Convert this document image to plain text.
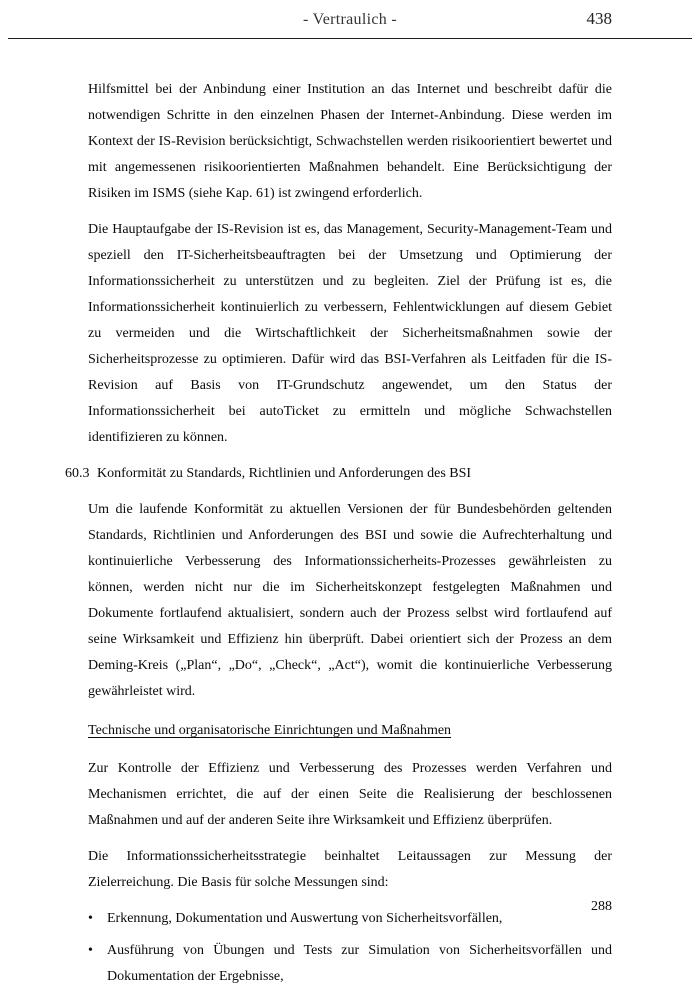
- Vertraulich -	438

Hilfsmittel bei der Anbindung einer Institution an das Internet und beschreibt dafür die notwendigen Schritte in den einzelnen Phasen der Internet-Anbindung. Diese werden im Kontext der IS-Revision berücksichtigt, Schwachstellen werden risikoorientiert bewertet und mit angemessenen risikoorientierten Maßnahmen behandelt. Eine Berücksichtigung der Risiken im ISMS (siehe Kap. 61) ist zwingend erforderlich.

Die Hauptaufgabe der IS-Revision ist es, das Management, Security-Management-Team und speziell den IT-Sicherheitsbeauftragten bei der Umsetzung und Optimierung der Informationssicherheit zu unterstützen und zu begleiten. Ziel der Prüfung ist es, die Informationssicherheit kontinuierlich zu verbessern, Fehlentwicklungen auf diesem Gebiet zu vermeiden und die Wirtschaftlichkeit der Sicherheitsmaßnahmen sowie der Sicherheitsprozesse zu optimieren. Dafür wird das BSI-Verfahren als Leitfaden für die IS-Revision auf Basis von IT-Grundschutz angewendet, um den Status der Informationssicherheit bei autoTicket zu ermitteln und mögliche Schwachstellen identifizieren zu können.

60.3 Konformität zu Standards, Richtlinien und Anforderungen des BSI

Um die laufende Konformität zu aktuellen Versionen der für Bundesbehörden geltenden Standards, Richtlinien und Anforderungen des BSI und sowie die Aufrechterhaltung und kontinuierliche Verbesserung des Informationssicherheits-Prozesses gewährleisten zu können, werden nicht nur die im Sicherheitskonzept festgelegten Maßnahmen und Dokumente fortlaufend aktualisiert, sondern auch der Prozess selbst wird fortlaufend auf seine Wirksamkeit und Effizienz hin überprüft. Dabei orientiert sich der Prozess an dem Deming-Kreis („Plan“, „Do“, „Check“, „Act“), womit die kontinuierliche Verbesserung gewährleistet wird.

Technische und organisatorische Einrichtungen und Maßnahmen

Zur Kontrolle der Effizienz und Verbesserung des Prozesses werden Verfahren und Mechanismen errichtet, die auf der einen Seite die Realisierung der beschlossenen Maßnahmen und auf der anderen Seite ihre Wirksamkeit und Effizienz überprüfen.

Die Informationssicherheitsstrategie beinhaltet Leitaussagen zur Messung der Zielerreichung. Die Basis für solche Messungen sind:

•	Erkennung, Dokumentation und Auswertung von Sicherheitsvorfällen,
•	Ausführung von Übungen und Tests zur Simulation von Sicherheitsvorfällen und Dokumentation der Ergebnisse,
288
